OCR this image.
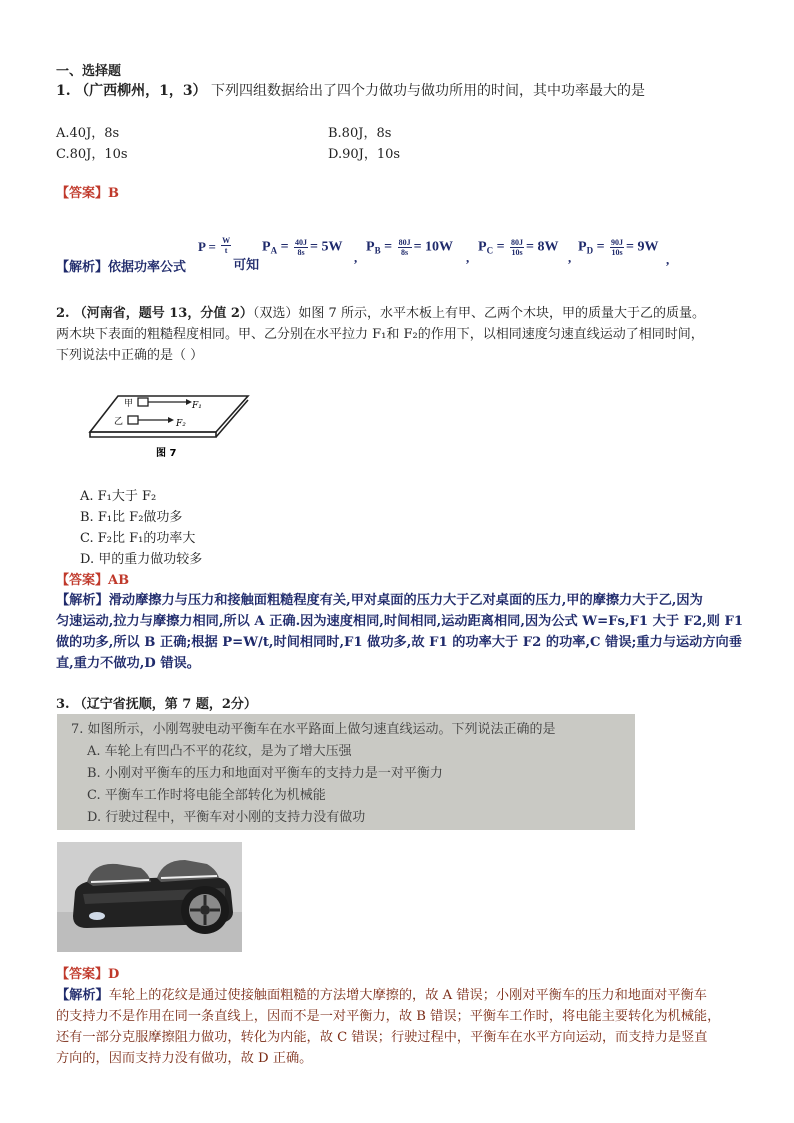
一、选择题
1. （广西柳州，1，3） 下列四组数据给出了四个力做功与做功所用的时间，其中功率最大的是
A.40J，8s	B.80J，8s
C.80J，10s	D.90J，10s
【答案】B
【解析】依据功率公式
$P = \frac{W}{t}$
可知
$P_A = \frac{40J}{8s} = 5W$
,
$P_B = \frac{80J}{8s} = 10W$
,
$P_C = \frac{80J}{10s} = 8W$
,
$P_D = \frac{90J}{10s} = 9W$
,
2. （河南省，题号 13，分值 2）（双选）如图 7 所示，水平木板上有甲、乙两个木块，甲的质量大于乙的质量。
两木块下表面的粗糙程度相同。甲、乙分别在水平拉力 F₁和 F₂的作用下，以相同速度匀速直线运动了相同时间，
下列说法中正确的是（ ）
甲
乙
F₁
F₂
图 7
A. F₁大于 F₂
B. F₁比 F₂做功多
C. F₂比 F₁的功率大
D. 甲的重力做功较多
【答案】AB
【解析】滑动摩擦力与压力和接触面粗糙程度有关,甲对桌面的压力大于乙对桌面的压力,甲的摩擦力大于乙,因为
匀速运动,拉力与摩擦力相同,所以 A 正确.因为速度相同,时间相同,运动距离相同,因为公式 W=Fs,F1 大于 F2,则 F1
做的功多,所以 B 正确;根据 P=W/t,时间相同时,F1 做功多,故 F1 的功率大于 F2 的功率,C 错误;重力与运动方向垂
直,重力不做功,D 错误。
3. （辽宁省抚顺，第 7 题，2分）
7. 如图所示，小刚驾驶电动平衡车在水平路面上做匀速直线运动。下列说法正确的是
A. 车轮上有凹凸不平的花纹，是为了增大压强
B. 小刚对平衡车的压力和地面对平衡车的支持力是一对平衡力
C. 平衡车工作时将电能全部转化为机械能
D. 行驶过程中，平衡车对小刚的支持力没有做功
【答案】D
【解析】车轮上的花纹是通过使接触面粗糙的方法增大摩擦的，故 A 错误；小刚对平衡车的压力和地面对平衡车
的支持力不是作用在同一条直线上，因而不是一对平衡力，故 B 错误；平衡车工作时，将电能主要转化为机械能，
还有一部分克服摩擦阻力做功，转化为内能，故 C 错误；行驶过程中，平衡车在水平方向运动，而支持力是竖直
方向的，因而支持力没有做功，故 D 正确。
